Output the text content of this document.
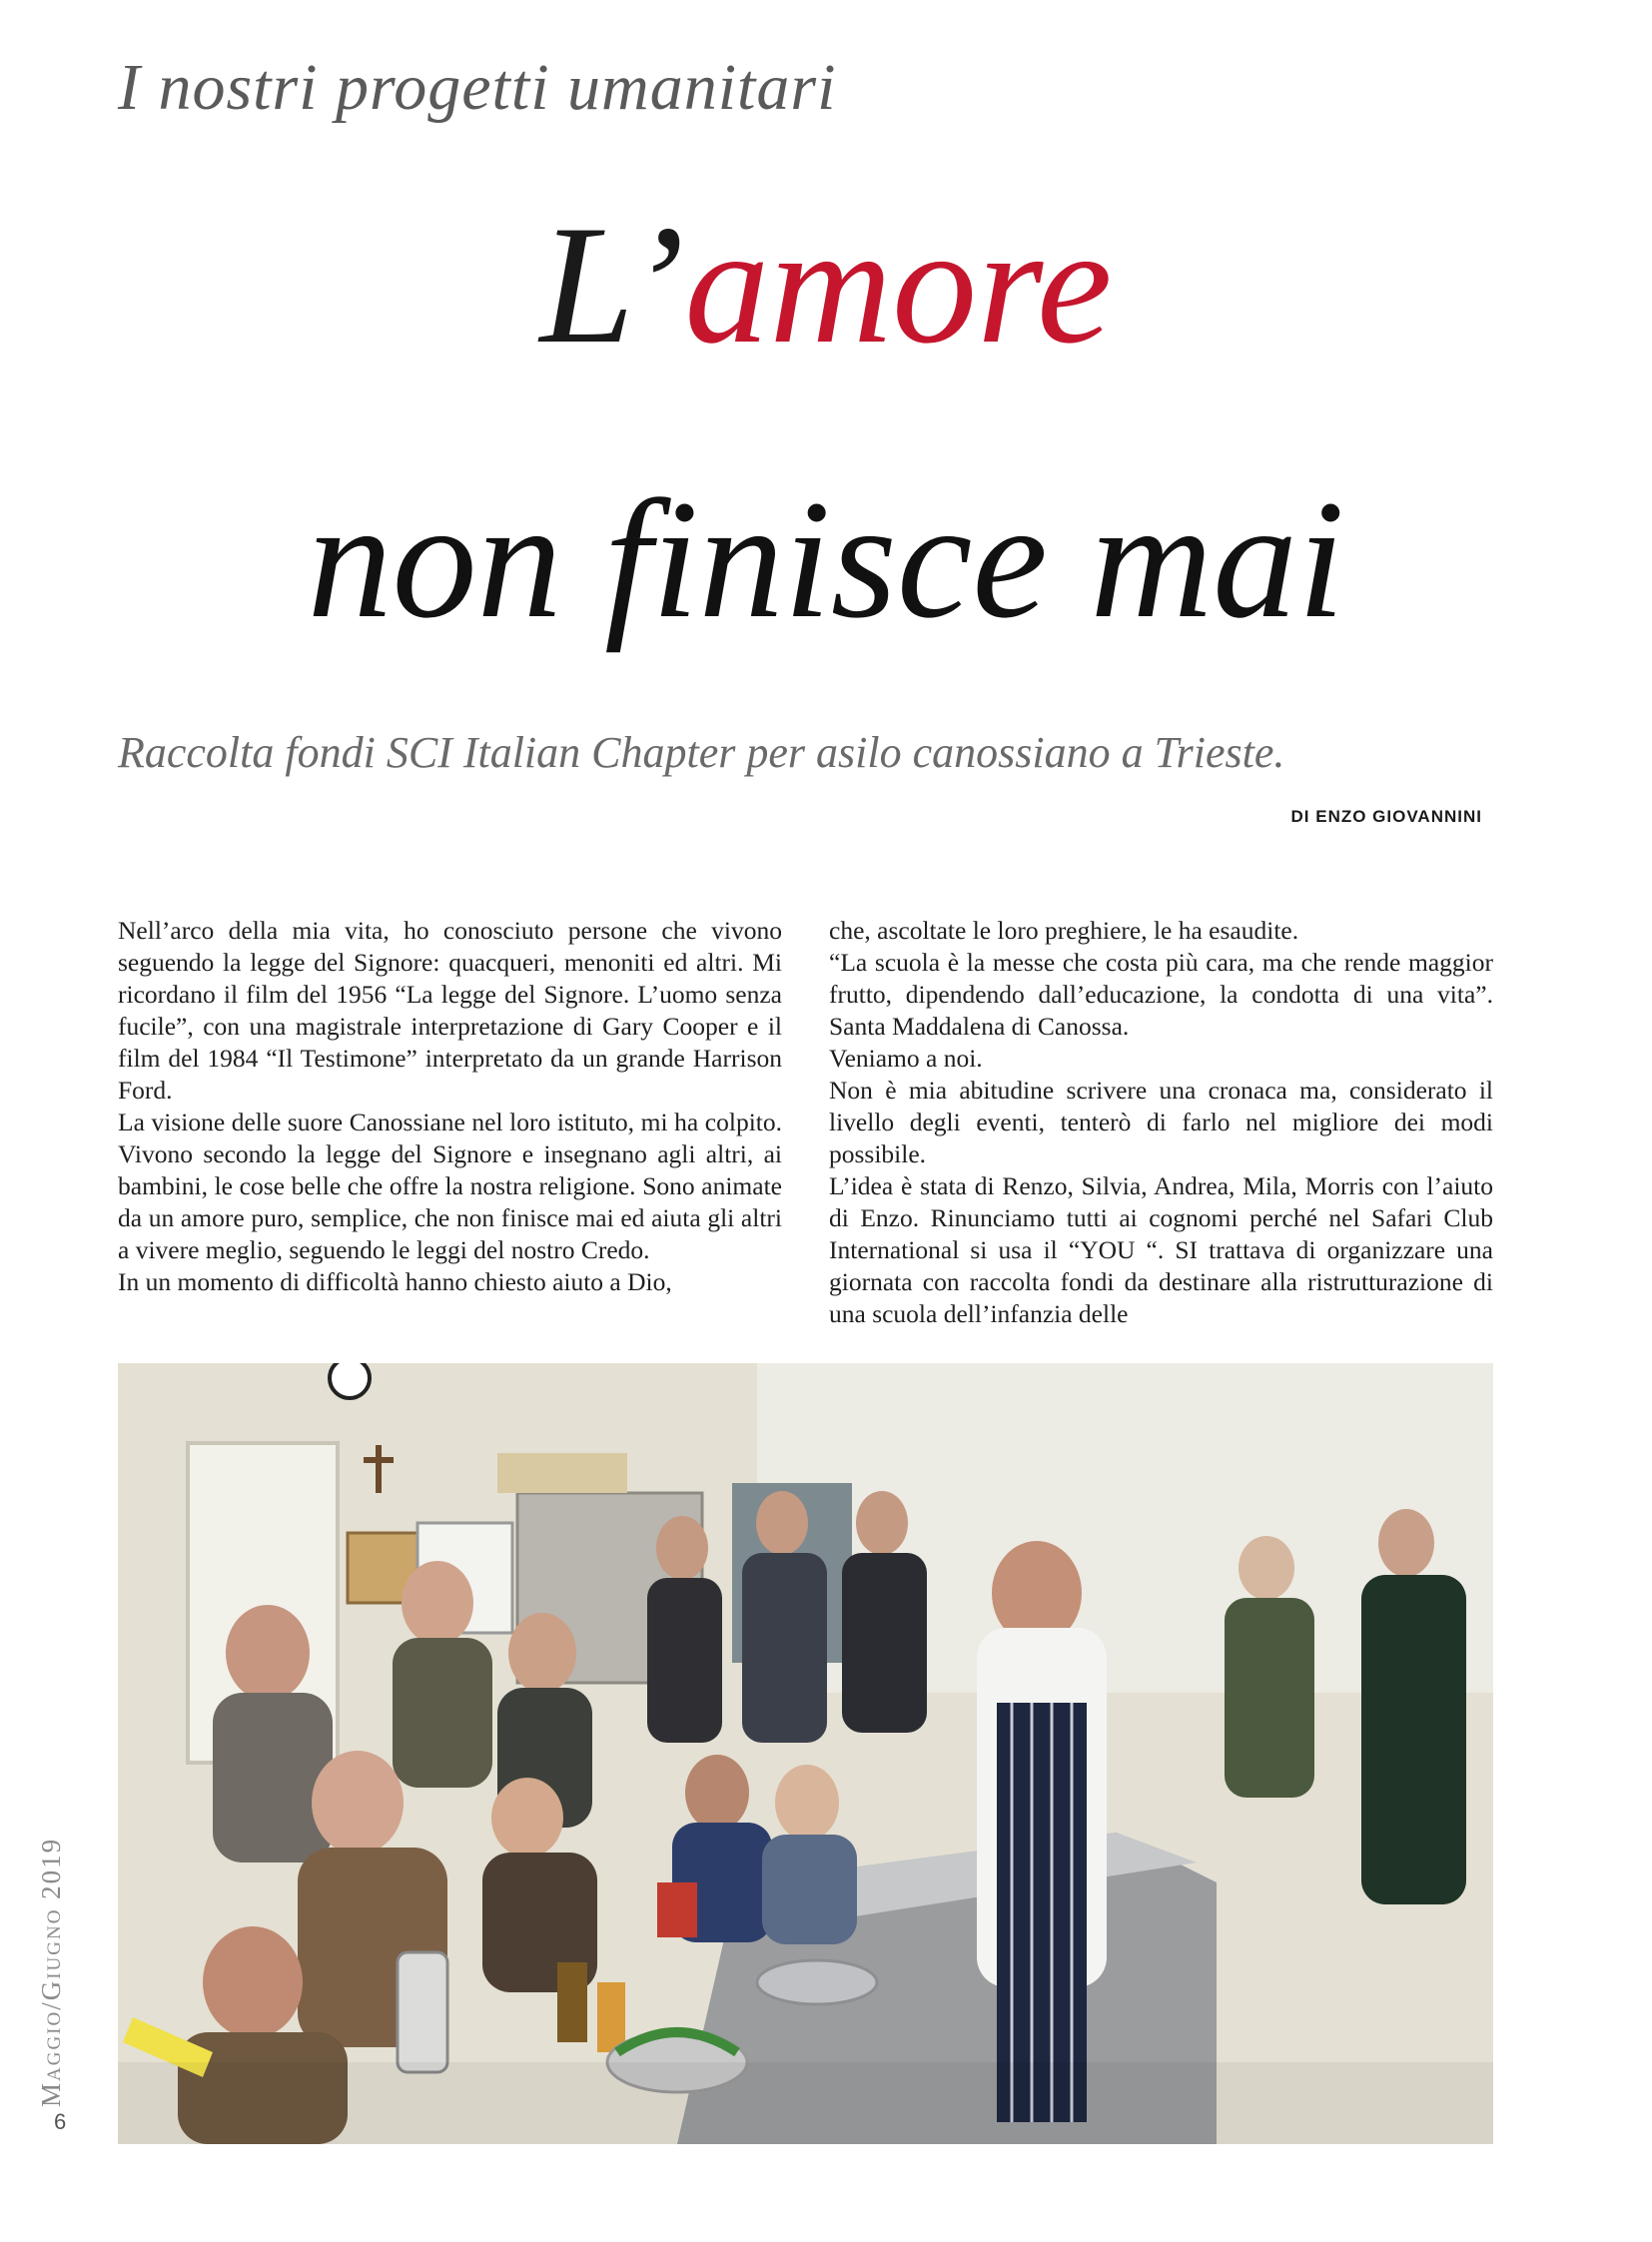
I nostri progetti umanitari
L’amore
non finisce mai
Raccolta fondi SCI Italian Chapter per asilo canossiano a Trieste.
DI ENZO GIOVANNINI

Nell’arco della mia vita, ho conosciuto persone che vivono seguendo la legge del Signore: quacqueri, menoniti ed altri. Mi ricordano il film del 1956 “La legge del Signore. L’uomo senza fucile”, con una magistrale interpretazione di Gary Cooper e il film del 1984 “Il Testimone” interpretato da un grande Harrison Ford.

La visione delle suore Canossiane nel loro istituto, mi ha colpito. Vivono secondo la legge del Signore e insegnano agli altri, ai bambini, le cose belle che offre la nostra religione. Sono animate da un amore puro, semplice, che non finisce mai ed aiuta gli altri a vivere meglio, seguendo le leggi del nostro Credo.

In un momento di difficoltà hanno chiesto aiuto a Dio,

che, ascoltate le loro preghiere, le ha esaudite.

“La scuola è la messe che costa più cara, ma che rende maggior frutto, dipendendo dall’educazione, la condotta di una vita”. Santa Maddalena di Canossa.

Veniamo a noi.

Non è mia abitudine scrivere una cronaca ma, considerato il livello degli eventi, tenterò di farlo nel migliore dei modi possibile.

L’idea è stata di Renzo, Silvia, Andrea, Mila, Morris con l’aiuto di Enzo. Rinunciamo tutti ai cognomi perché nel Safari Club International si usa il “YOU “. SI trattava di organizzare una giornata con raccolta fondi da destinare alla ristrutturazione di una scuola dell’infanzia delle

Maggio/Giugno 2019
6
